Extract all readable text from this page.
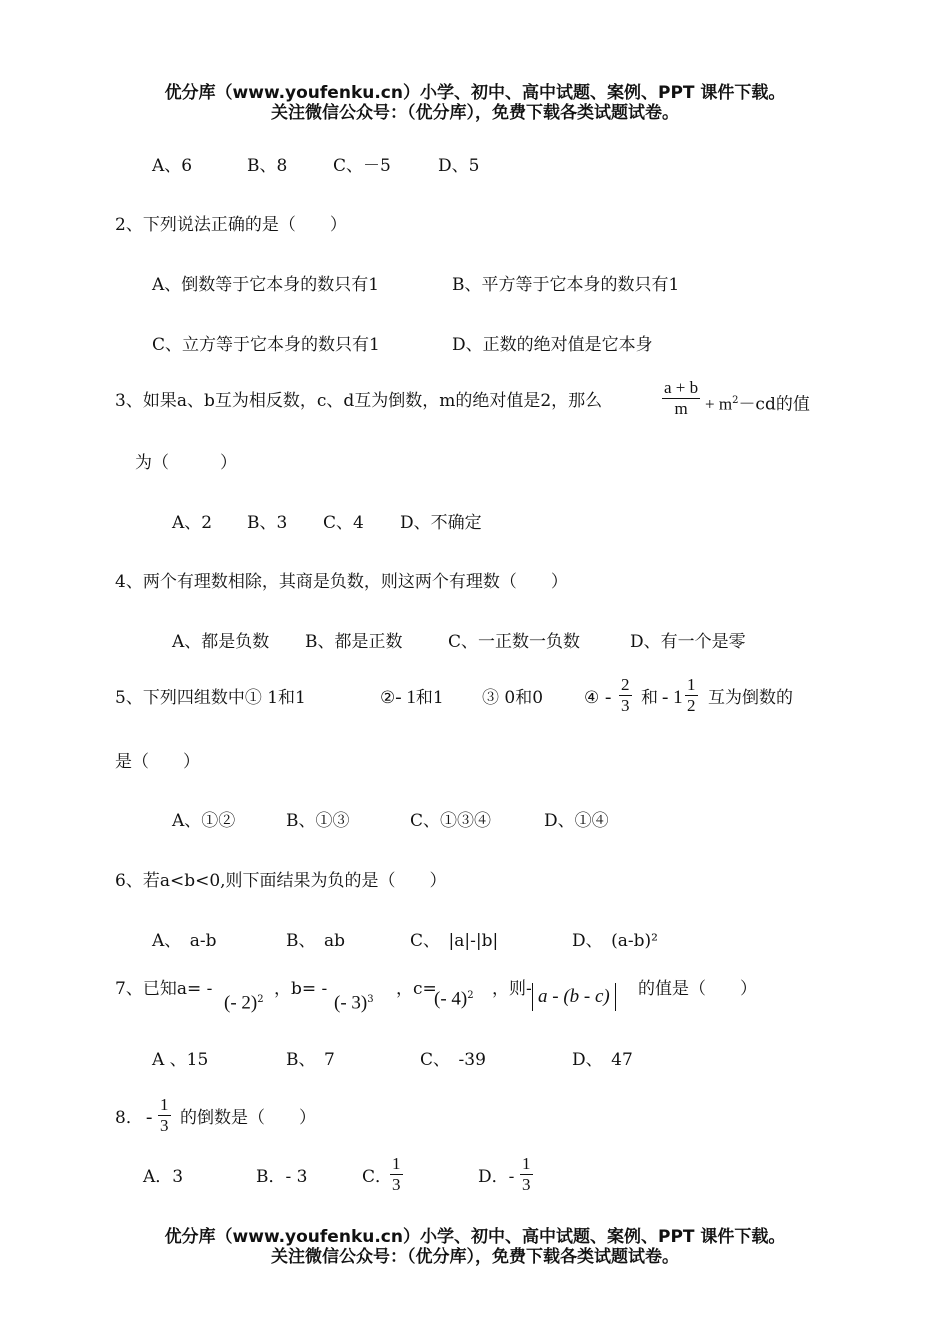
优分库（www.youfenku.cn）小学、初中、高中试题、案例、PPT 课件下载。
关注微信公众号：（优分库），免费下载各类试题试卷。
A、6	B、8	C、－5	D、5
2、下列说法正确的是（　　）
A、倒数等于它本身的数只有1	B、平方等于它本身的数只有1
C、立方等于它本身的数只有1	D、正数的绝对值是它本身
3、如果a、b互为相反数，c、d互为倒数，m的绝对值是2，那么	$\frac{a + b}{m} + m^2-cd$的值
为（　　　）
A、2 B、3 C、4 D、不确定
4、两个有理数相除，其商是负数，则这两个有理数（　　）
A、都是负数 B、都是正数	C、一正数一负数	D、有一个是零
5、下列四组数中① 1和1	②- 1和1 ③ 0和0 ④ - $\frac{2}{3}$ 和 - $1 \frac{1}{2}$ 互为倒数的
是（　　）
A、①②	B、①③	C、①③④	D、①④
6、若a<b<0,则下面结果为负的是（　　）
A、　a-b	B、　ab	C、　|a|-|b|	D、　(a-b)²
7、已知a= -
(- 2)$^2$
，b= -
(- 3)$^3$
，c=
(- 4)$^2$ ，则- a - (b - c)	的值是（　　）
A 、15	B、　7	C、　-39	D、　47
8． - $\frac{1}{3}$ 的倒数是（　　）
A．3	B．- 3	C．
$\frac{1}{3}$	D．- $\frac{1}{3}$
优分库（www.youfenku.cn）小学、初中、高中试题、案例、PPT 课件下载。
关注微信公众号：（优分库），免费下载各类试题试卷。
